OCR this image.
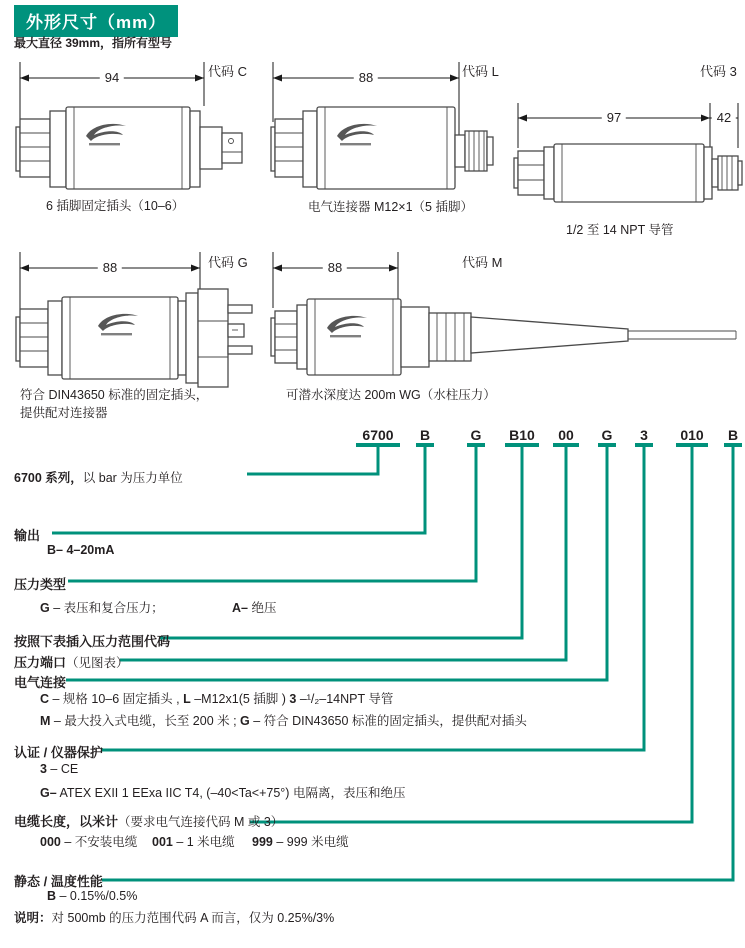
外形尺寸（mm）
最大直径 39mm，指所有型号
代码 C	代码 L	代码 3
代码 G	代码 M
94	88
97	42
88	88
6 插脚固定插头（10–6）	电气连接器 M12×1（5 插脚）
1/2 至 14 NPT 导管
符合 DIN43650 标准的固定插头，
提供配对连接器
可潜水深度达 200m WG（水柱压力）
6700 B	G B10 00 G 3 010 B
6700 系列，以 bar 为压力单位
输出
B– 4–20mA
压力类型
G – 表压和复合压力；	A– 绝压
按照下表插入压力范围代码
压力端口（见图表）
电气连接
C – 规格 10–6 固定插头 , L –M12x1(5 插脚 ) 3 –¹/₂–14NPT 导管
M – 最大投入式电缆，长至 200 米 ; G – 符合 DIN43650 标准的固定插头，提供配对插头
认证 / 仪器保护
3 – CE
G– ATEX EXII 1 EExa IIC T4, (–40<Ta<+75°) 电隔离，表压和绝压
电缆长度，以米计（要求电气连接代码 M 或 3）
000 – 不安装电缆 001 – 1 米电缆 999 – 999 米电缆
静态 / 温度性能
B – 0.15%/0.5%
说明：对 500mb 的压力范围代码 A 而言，仅为 0.25%/3%
